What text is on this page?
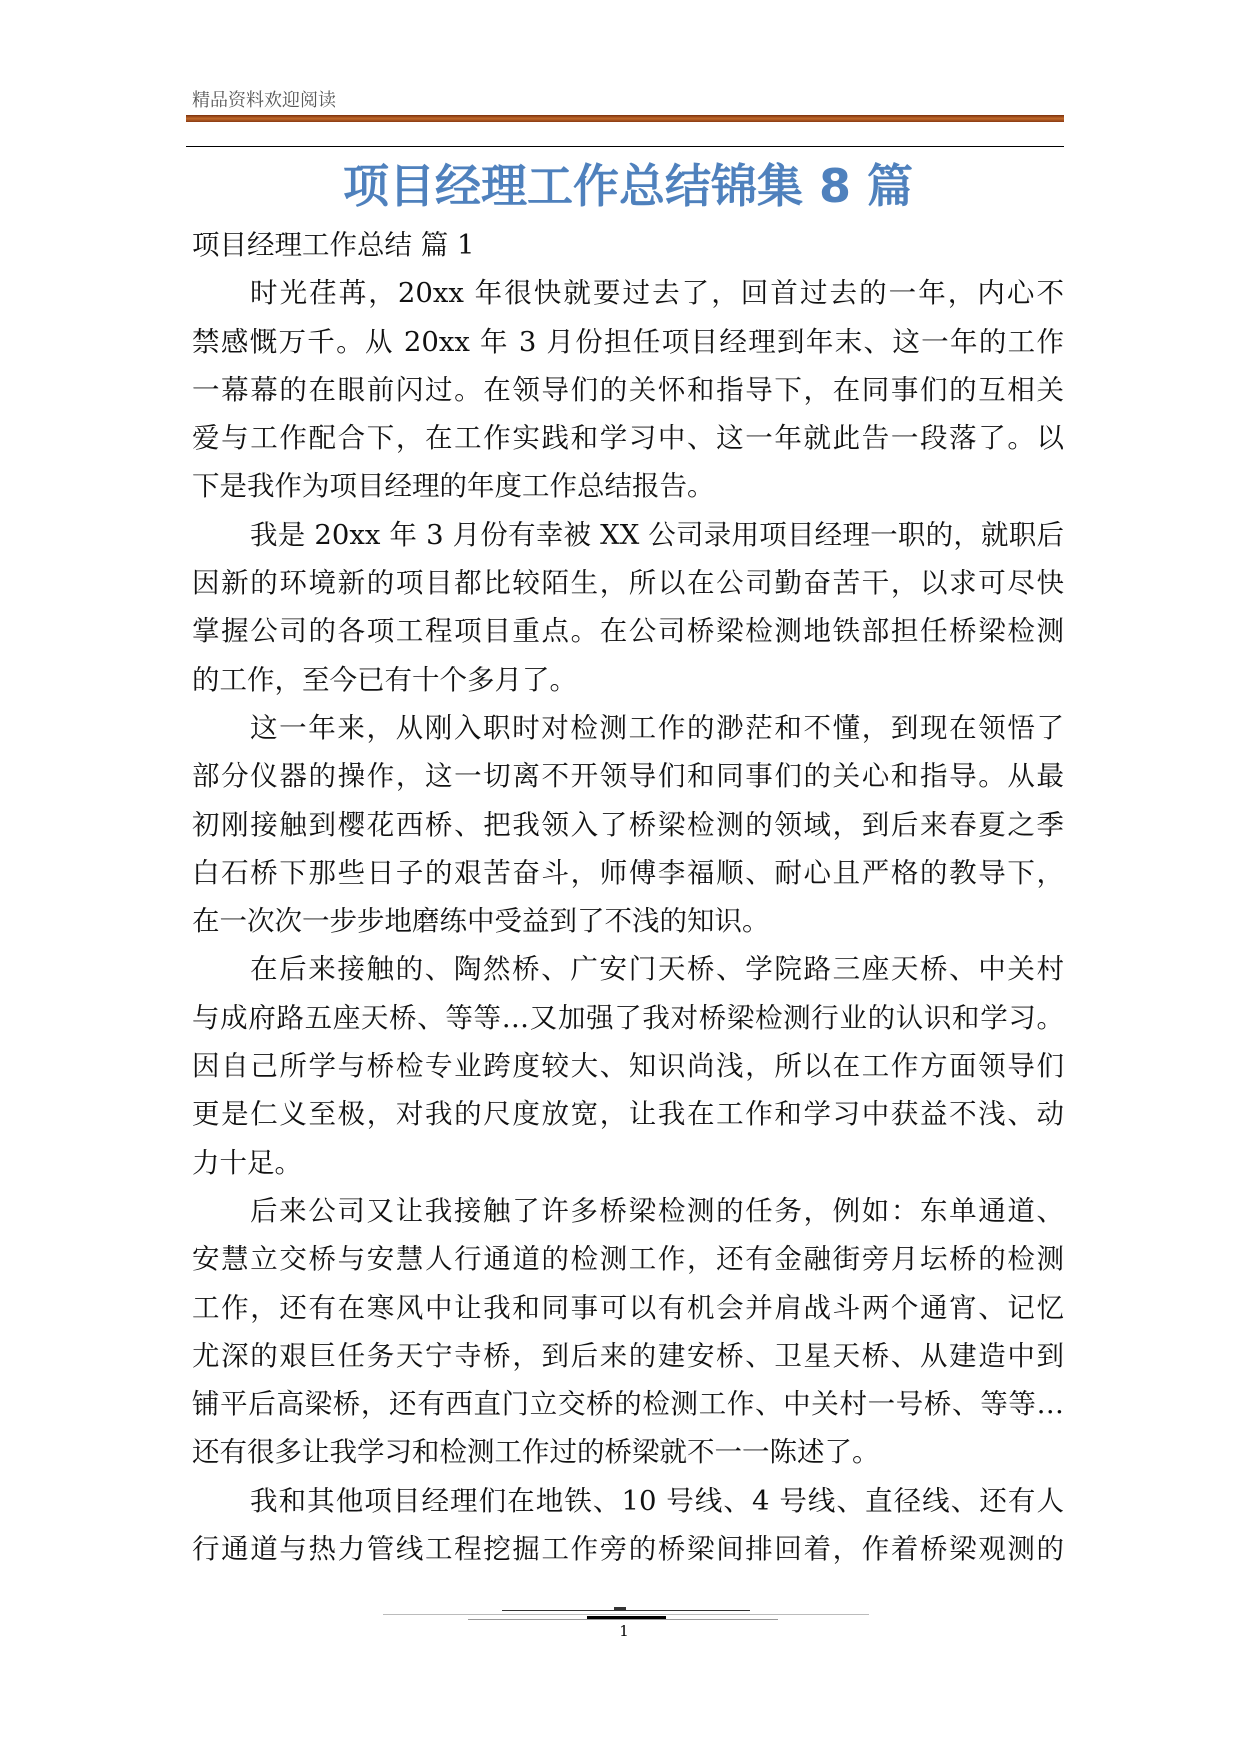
精品资料欢迎阅读
项目经理工作总结锦集 8 篇
项目经理工作总结 篇 1
时光荏苒，20xx 年很快就要过去了，回首过去的一年，内心不
禁感慨万千。从 20xx 年 3 月份担任项目经理到年末、这一年的工作
一幕幕的在眼前闪过。在领导们的关怀和指导下，在同事们的互相关
爱与工作配合下，在工作实践和学习中、这一年就此告一段落了。以
下是我作为项目经理的年度工作总结报告。
我是 20xx 年 3 月份有幸被 XX 公司录用项目经理一职的，就职后
因新的环境新的项目都比较陌生，所以在公司勤奋苦干，以求可尽快
掌握公司的各项工程项目重点。在公司桥梁检测地铁部担任桥梁检测
的工作，至今已有十个多月了。
这一年来，从刚入职时对检测工作的渺茫和不懂，到现在领悟了
部分仪器的操作，这一切离不开领导们和同事们的关心和指导。从最
初刚接触到樱花西桥、把我领入了桥梁检测的领域，到后来春夏之季
白石桥下那些日子的艰苦奋斗，师傅李福顺、耐心且严格的教导下，
在一次次一步步地磨练中受益到了不浅的知识。
在后来接触的、陶然桥、广安门天桥、学院路三座天桥、中关村
与成府路五座天桥、等等…又加强了我对桥梁检测行业的认识和学习。
因自己所学与桥检专业跨度较大、知识尚浅，所以在工作方面领导们
更是仁义至极，对我的尺度放宽，让我在工作和学习中获益不浅、动
力十足。
后来公司又让我接触了许多桥梁检测的任务，例如：东单通道、
安慧立交桥与安慧人行通道的检测工作，还有金融街旁月坛桥的检测
工作，还有在寒风中让我和同事可以有机会并肩战斗两个通宵、记忆
尤深的艰巨任务天宁寺桥，到后来的建安桥、卫星天桥、从建造中到
铺平后高梁桥，还有西直门立交桥的检测工作、中关村一号桥、等等…
还有很多让我学习和检测工作过的桥梁就不一一陈述了。
我和其他项目经理们在地铁、10 号线、4 号线、直径线、还有人
行通道与热力管线工程挖掘工作旁的桥梁间排回着，作着桥梁观测的
1
